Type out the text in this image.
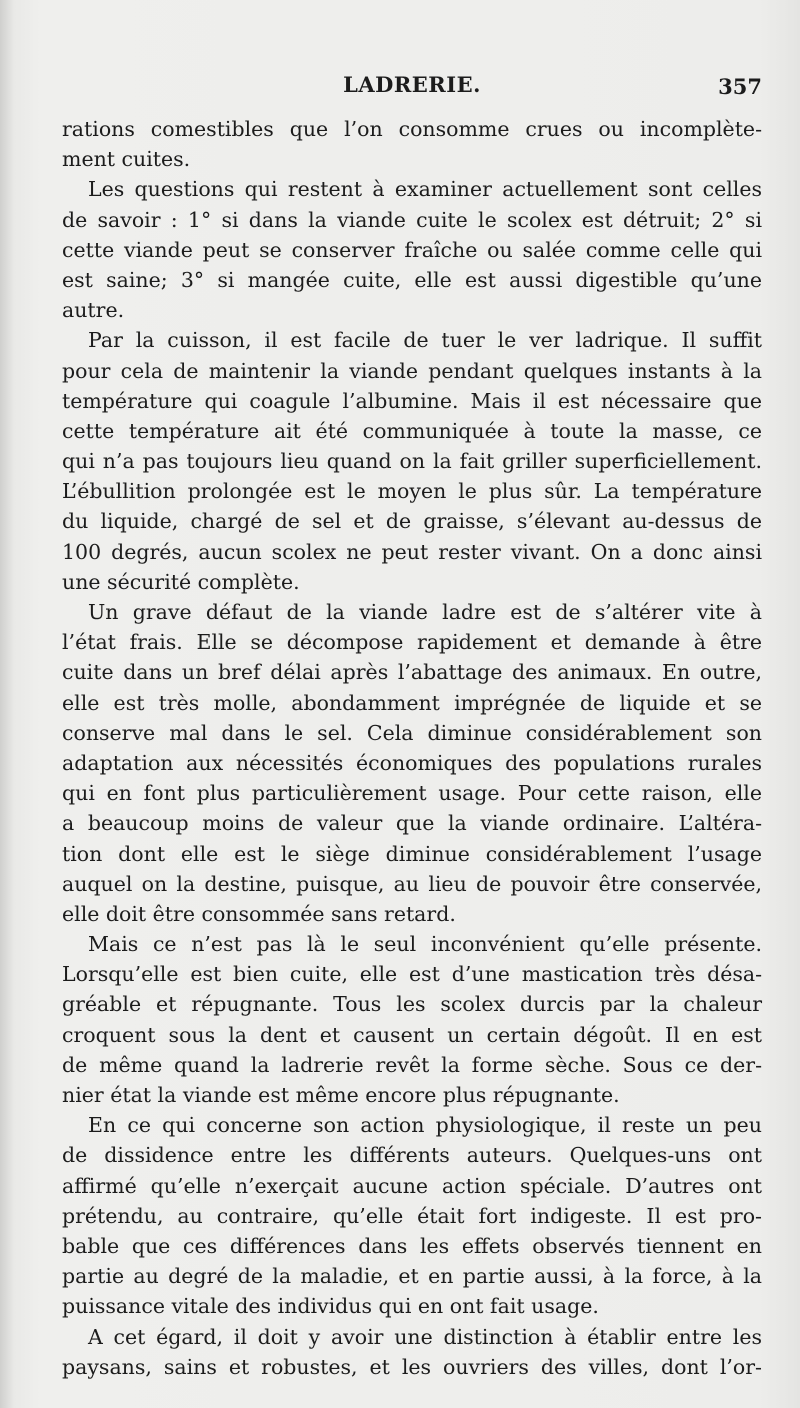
LADRERIE.	357
rations comestibles que l’on consomme crues ou incomplète-
ment cuites.
Les questions qui restent à examiner actuellement sont celles
de savoir : 1° si dans la viande cuite le scolex est détruit; 2° si
cette viande peut se conserver fraîche ou salée comme celle qui
est saine; 3° si mangée cuite, elle est aussi digestible qu’une
autre.
Par la cuisson, il est facile de tuer le ver ladrique. Il suffit
pour cela de maintenir la viande pendant quelques instants à la
température qui coagule l’albumine. Mais il est nécessaire que
cette température ait été communiquée à toute la masse, ce
qui n’a pas toujours lieu quand on la fait griller superficiellement.
L’ébullition prolongée est le moyen le plus sûr. La température
du liquide, chargé de sel et de graisse, s’élevant au-dessus de
100 degrés, aucun scolex ne peut rester vivant. On a donc ainsi
une sécurité complète.
Un grave défaut de la viande ladre est de s’altérer vite à
l’état frais. Elle se décompose rapidement et demande à être
cuite dans un bref délai après l’abattage des animaux. En outre,
elle est très molle, abondamment imprégnée de liquide et se
conserve mal dans le sel. Cela diminue considérablement son
adaptation aux nécessités économiques des populations rurales
qui en font plus particulièrement usage. Pour cette raison, elle
a beaucoup moins de valeur que la viande ordinaire. L’altéra-
tion dont elle est le siège diminue considérablement l’usage
auquel on la destine, puisque, au lieu de pouvoir être conservée,
elle doit être consommée sans retard.
Mais ce n’est pas là le seul inconvénient qu’elle présente.
Lorsqu’elle est bien cuite, elle est d’une mastication très désa-
gréable et répugnante. Tous les scolex durcis par la chaleur
croquent sous la dent et causent un certain dégoût. Il en est
de même quand la ladrerie revêt la forme sèche. Sous ce der-
nier état la viande est même encore plus répugnante.
En ce qui concerne son action physiologique, il reste un peu
de dissidence entre les différents auteurs. Quelques-uns ont
affirmé qu’elle n’exerçait aucune action spéciale. D’autres ont
prétendu, au contraire, qu’elle était fort indigeste. Il est pro-
bable que ces différences dans les effets observés tiennent en
partie au degré de la maladie, et en partie aussi, à la force, à la
puissance vitale des individus qui en ont fait usage.
A cet égard, il doit y avoir une distinction à établir entre les
paysans, sains et robustes, et les ouvriers des villes, dont l’or-
